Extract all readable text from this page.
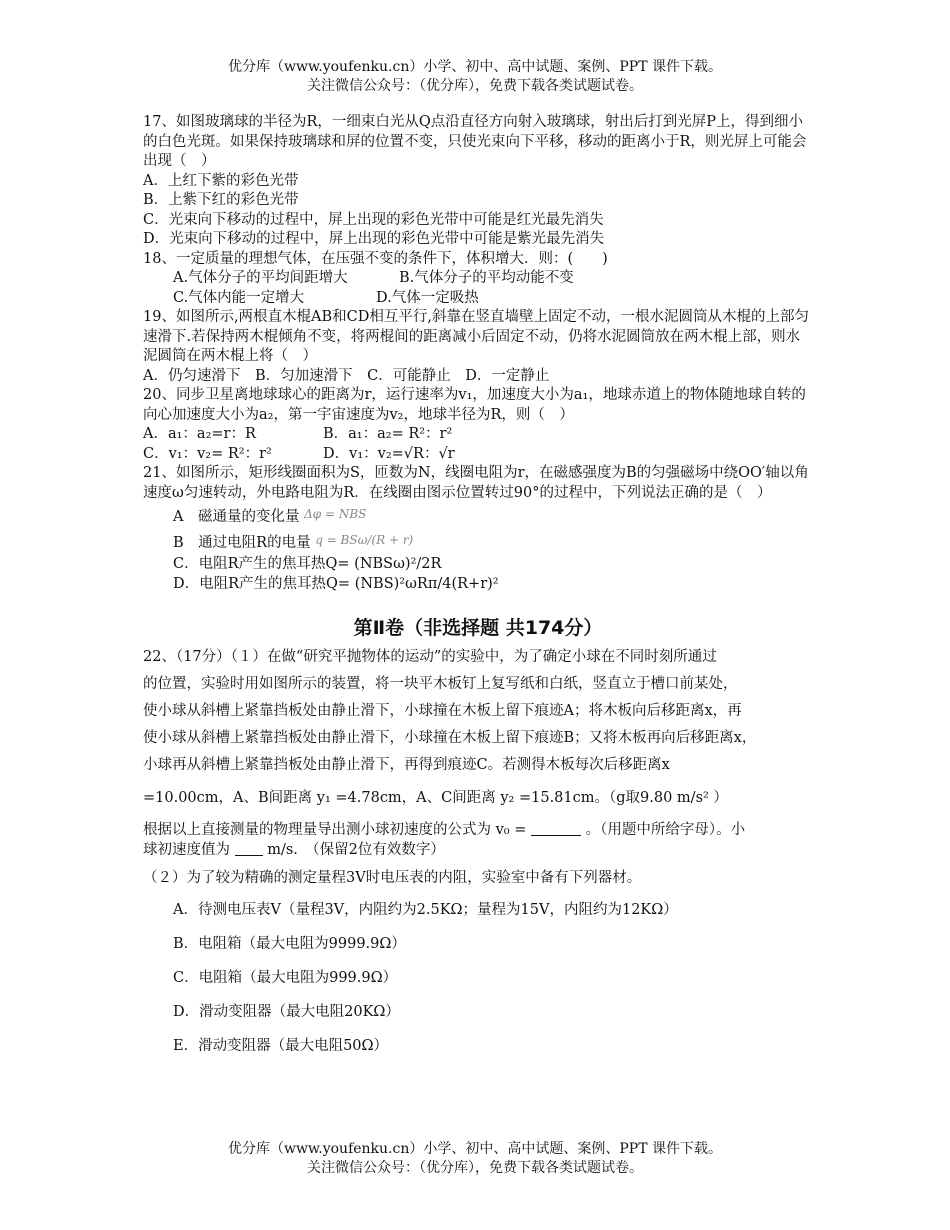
优分库（www.youfenku.cn）小学、初中、高中试题、案例、PPT 课件下载。
关注微信公众号：（优分库），免费下载各类试题试卷。

17、如图玻璃球的半径为R，一细束白光从Q点沿直径方向射入玻璃球，射出后打到光屏P上，得到细小的白色光斑。如果保持玻璃球和屏的位置不变，只使光束向下平移，移动的距离小于R，则光屏上可能会出现（　）

A．上红下紫的彩色光带

B．上紫下红的彩色光带

C．光束向下移动的过程中，屏上出现的彩色光带中可能是红光最先消失

D．光束向下移动的过程中，屏上出现的彩色光带中可能是紫光最先消失

18、一定质量的理想气体，在压强不变的条件下，体积增大．则：(　　)

A.气体分子的平均间距增大	B.气体分子的平均动能不变
C.气体内能一定增大	D.气体一定吸热

19、如图所示,两根直木棍AB和CD相互平行,斜靠在竖直墙壁上固定不动，一根水泥圆筒从木棍的上部匀速滑下.若保持两木棍倾角不变，将两棍间的距离减小后固定不动，仍将水泥圆筒放在两木棍上部，则水泥圆筒在两木棍上将（　）

A．仍匀速滑下　B．匀加速滑下　C．可能静止　D．一定静止

20、同步卫星离地球球心的距离为r，运行速率为v₁，加速度大小为a₁，地球赤道上的物体随地球自转的向心加速度大小为a₂，第一宇宙速度为v₂，地球半径为R，则（　）

A．a₁：a₂=r：R	B．a₁：a₂= R²：r²
C．v₁：v₂= R²：r²	D．v₁：v₂=√R：√r

21、如图所示，矩形线圈面积为S，匝数为N，线圈电阻为r，在磁感强度为B的匀强磁场中绕OO′轴以角速度ω匀速转动，外电路电阻为R．在线圈由图示位置转过90°的过程中，下列说法正确的是（　）

A　磁通量的变化量 Δφ = NBS

B　通过电阻R的电量 q = BSω/(R + r)

C．电阻R产生的焦耳热Q= (NBSω)²/2R

D．电阻R产生的焦耳热Q= (NBS)²ωRπ/4(R+r)²

第Ⅱ卷（非选择题 共174分）

22、（17分）（１）在做“研究平抛物体的运动”的实验中，为了确定小球在不同时刻所通过

的位置，实验时用如图所示的装置，将一块平木板钉上复写纸和白纸，竖直立于槽口前某处，

使小球从斜槽上紧靠挡板处由静止滑下，小球撞在木板上留下痕迹A；将木板向后移距离x，再

使小球从斜槽上紧靠挡板处由静止滑下，小球撞在木板上留下痕迹B；又将木板再向后移距离x，

小球再从斜槽上紧靠挡板处由静止滑下，再得到痕迹C。若测得木板每次后移距离x

=10.00cm，A、B间距离 y₁ =4.78cm，A、C间距离 y₂ =15.81cm。（g取9.80 m/s² ）

根据以上直接测量的物理量导出测小球初速度的公式为 v₀ =	。（用题中所给字母）。小

球初速度值为	m/s.　（保留2位有效数字）

（２）为了较为精确的测定量程3V时电压表的内阻，实验室中备有下列器材。

A．待测电压表V（量程3V，内阻约为2.5KΩ；量程为15V，内阻约为12KΩ）

B．电阻箱（最大电阻为9999.9Ω）

C．电阻箱（最大电阻为999.9Ω）

D．滑动变阻器（最大电阻20KΩ）

E．滑动变阻器（最大电阻50Ω）

优分库（www.youfenku.cn）小学、初中、高中试题、案例、PPT 课件下载。
关注微信公众号：（优分库），免费下载各类试题试卷。
